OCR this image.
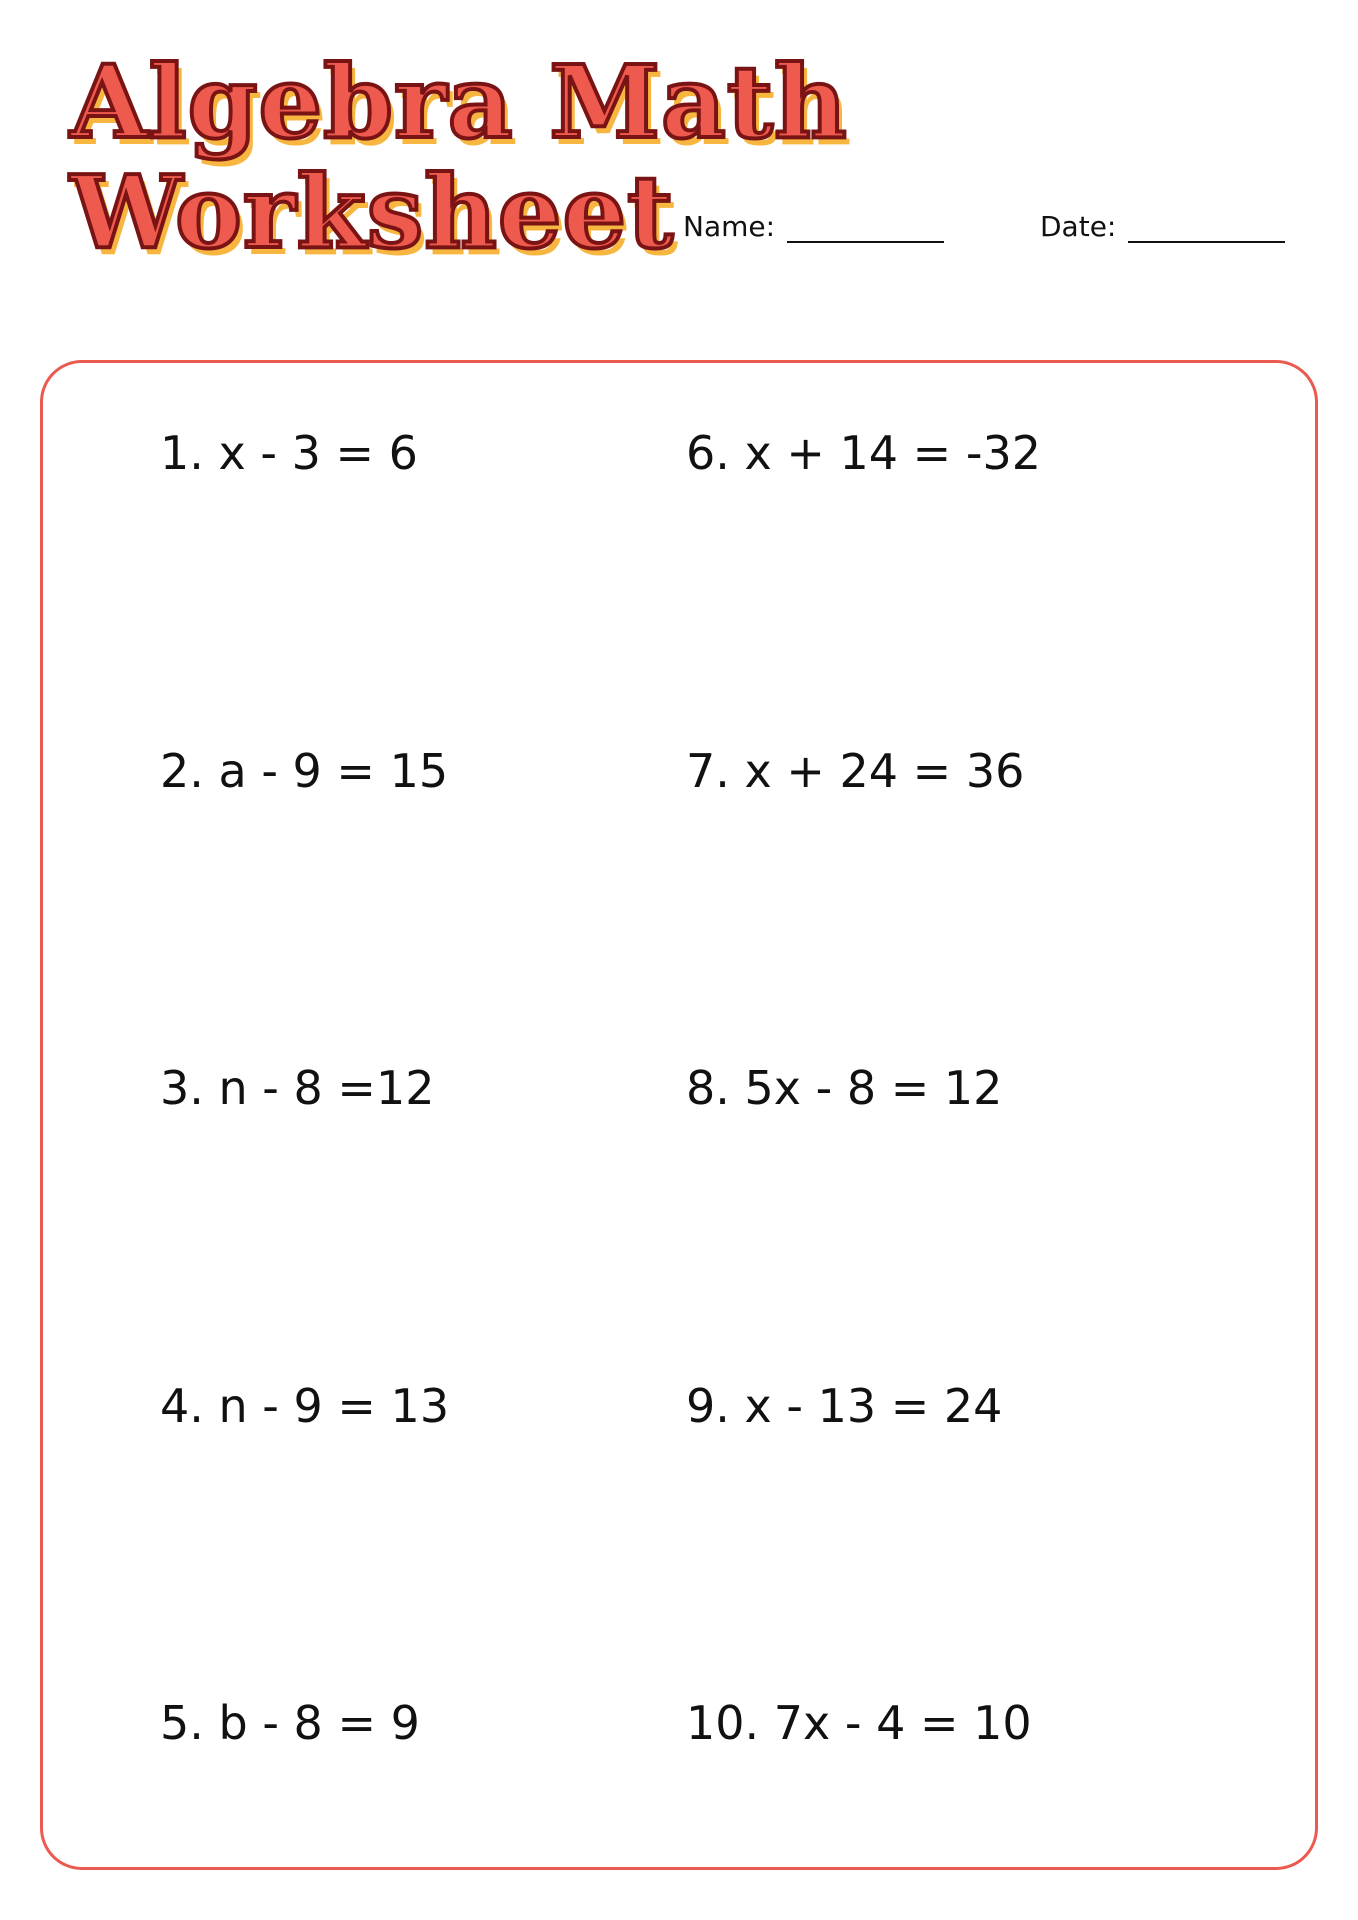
Algebra Math
Worksheet Name:	Date:
1. x - 3 = 6
2. a - 9 = 15
3. n - 8 =12
4. n - 9 = 13
5. b - 8 = 9
6. x + 14 = -32
7. x + 24 = 36
8. 5x - 8 = 12
9. x - 13 = 24
10. 7x - 4 = 10
